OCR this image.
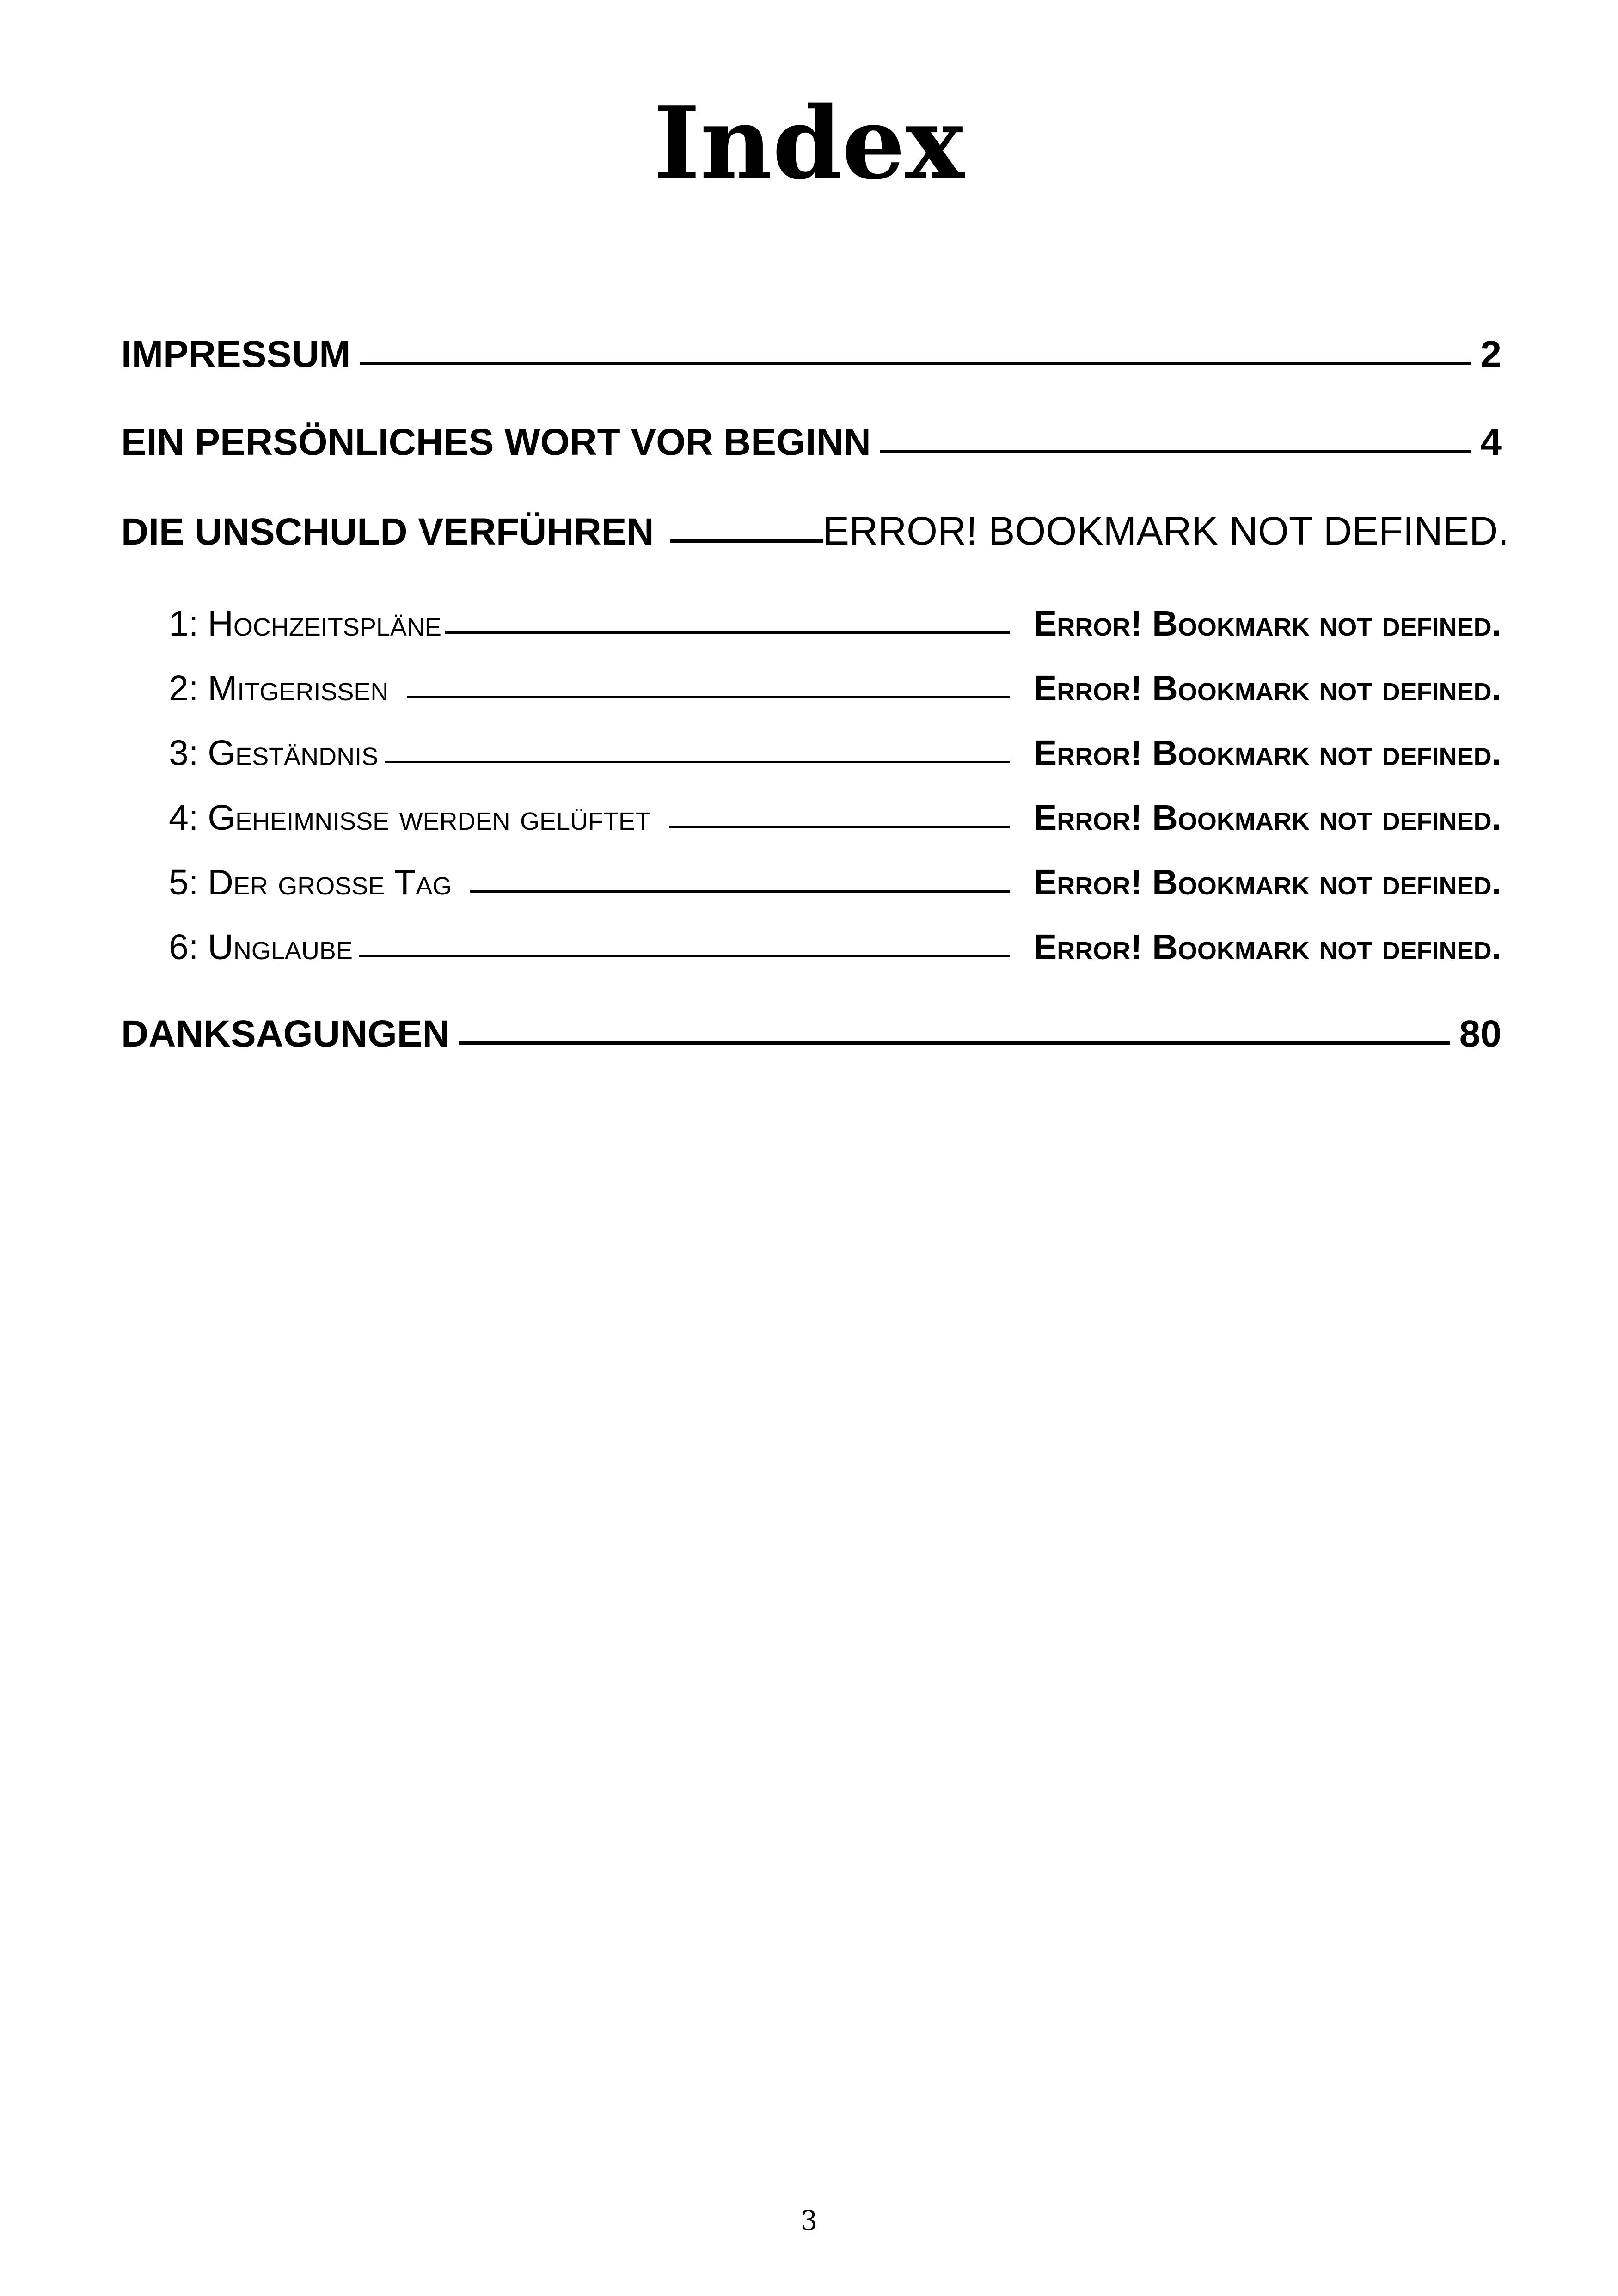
Index
IMPRESSUM	2
EIN PERSÖNLICHES WORT VOR BEGINN	4
DIE UNSCHULD VERFÜHREN	ERROR! BOOKMARK NOT DEFINED.
1: Hochzeitspläne	Error! Bookmark not defined.
2: Mitgerissen	Error! Bookmark not defined.
3: Geständnis	Error! Bookmark not defined.
4: Geheimnisse werden gelüftet	Error! Bookmark not defined.
5: Der große Tag	Error! Bookmark not defined.
6: Unglaube	Error! Bookmark not defined.
DANKSAGUNGEN	80
3
